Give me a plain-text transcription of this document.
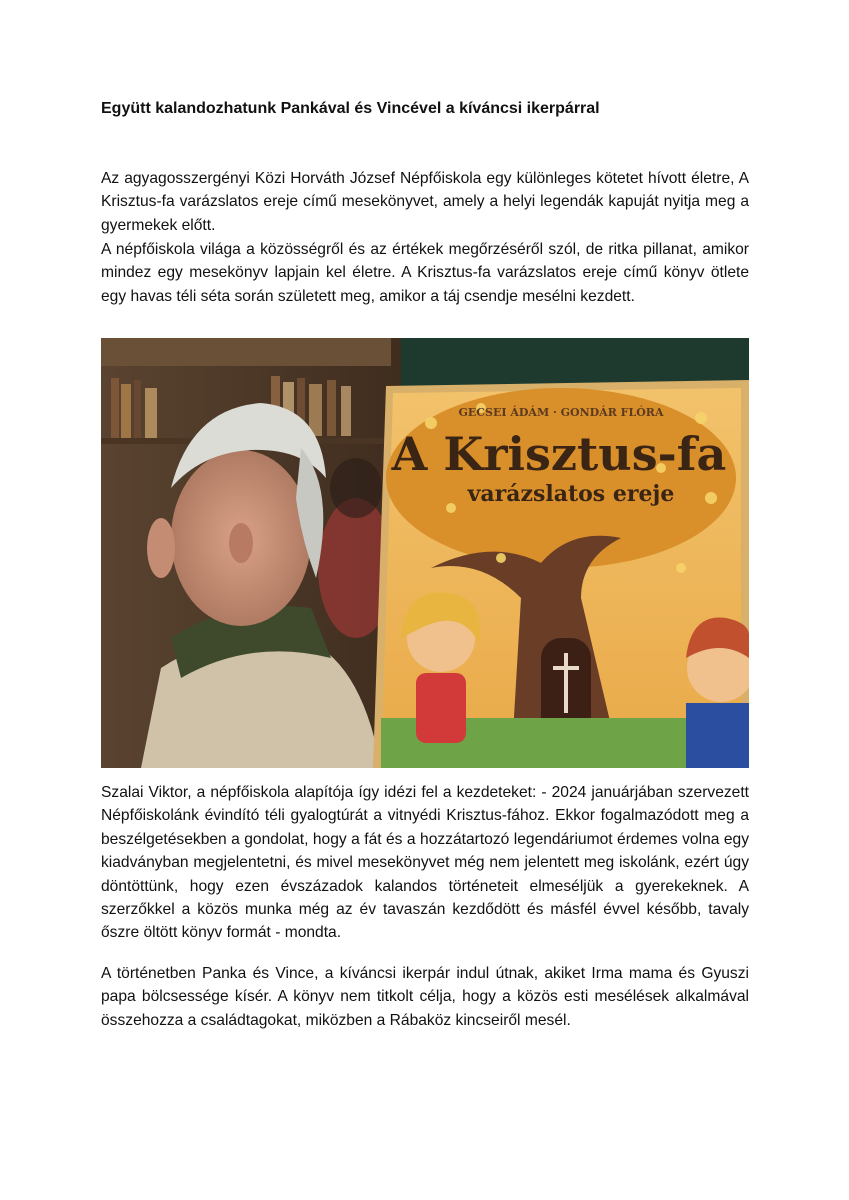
Együtt kalandozhatunk Pankával és Vincével a kíváncsi ikerpárral

Az agyagosszergényi Közi Horváth József Népfőiskola egy különleges kötetet hívott életre, A Krisztus-fa varázslatos ereje című mesekönyvet, amely a helyi legendák kapuját nyitja meg a gyermekek előtt.

A népfőiskola világa a közösségről és az értékek megőrzéséről szól, de ritka pillanat, amikor mindez egy mesekönyv lapjain kel életre. A Krisztus-fa varázslatos ereje című könyv ötlete egy havas téli séta során született meg, amikor a táj csendje mesélni kezdett.

GECSEI ÁDÁM · GONDÁR FLÓRA
A Krisztus-fa
varázslatos ereje

Szalai Viktor, a népfőiskola alapítója így idézi fel a kezdeteket: - 2024 januárjában szervezett Népfőiskolánk évindító téli gyalogtúrát a vitnyédi Krisztus-fához. Ekkor fogalmazódott meg a beszélgetésekben a gondolat, hogy a fát és a hozzátartozó legendáriumot érdemes volna egy kiadványban megjelentetni, és mivel mesekönyvet még nem jelentett meg iskolánk, ezért úgy döntöttünk, hogy ezen évszázadok kalandos történeteit elmeséljük a gyerekeknek. A szerzőkkel a közös munka még az év tavaszán kezdődött és másfél évvel később, tavaly őszre öltött könyv formát - mondta.

A történetben Panka és Vince, a kíváncsi ikerpár indul útnak, akiket Irma mama és Gyuszi papa bölcsessége kísér. A könyv nem titkolt célja, hogy a közös esti mesélések alkalmával összehozza a családtagokat, miközben a Rábaköz kincseiről mesél.
